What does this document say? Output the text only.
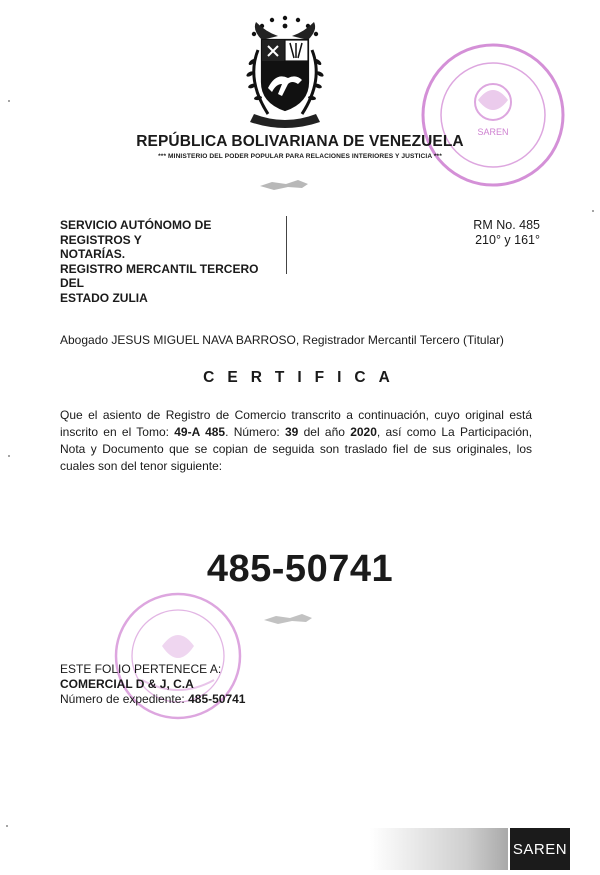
SAREN
REPÚBLICA BOLIVARIANA DE VENEZUELA
*** MINISTERIO DEL PODER POPULAR PARA RELACIONES INTERIORES Y JUSTICIA ***
SERVICIO AUTÓNOMO DE REGISTROS Y
NOTARÍAS.
REGISTRO MERCANTIL TERCERO DEL
ESTADO ZULIA
RM No. 485
210° y 161°
Abogado JESUS MIGUEL NAVA BARROSO, Registrador Mercantil Tercero (Titular)
CERTIFICA
Que el asiento de Registro de Comercio transcrito a continuación, cuyo original está inscrito en el Tomo: 49-A 485. Número: 39 del año 2020, así como La Participación, Nota y Documento que se copian de seguida son traslado fiel de sus originales, los cuales son del tenor siguiente:
485-50741
ESTE FOLIO PERTENECE A:
COMERCIAL D & J, C.A
Número de expediente: 485-50741
SAREN
